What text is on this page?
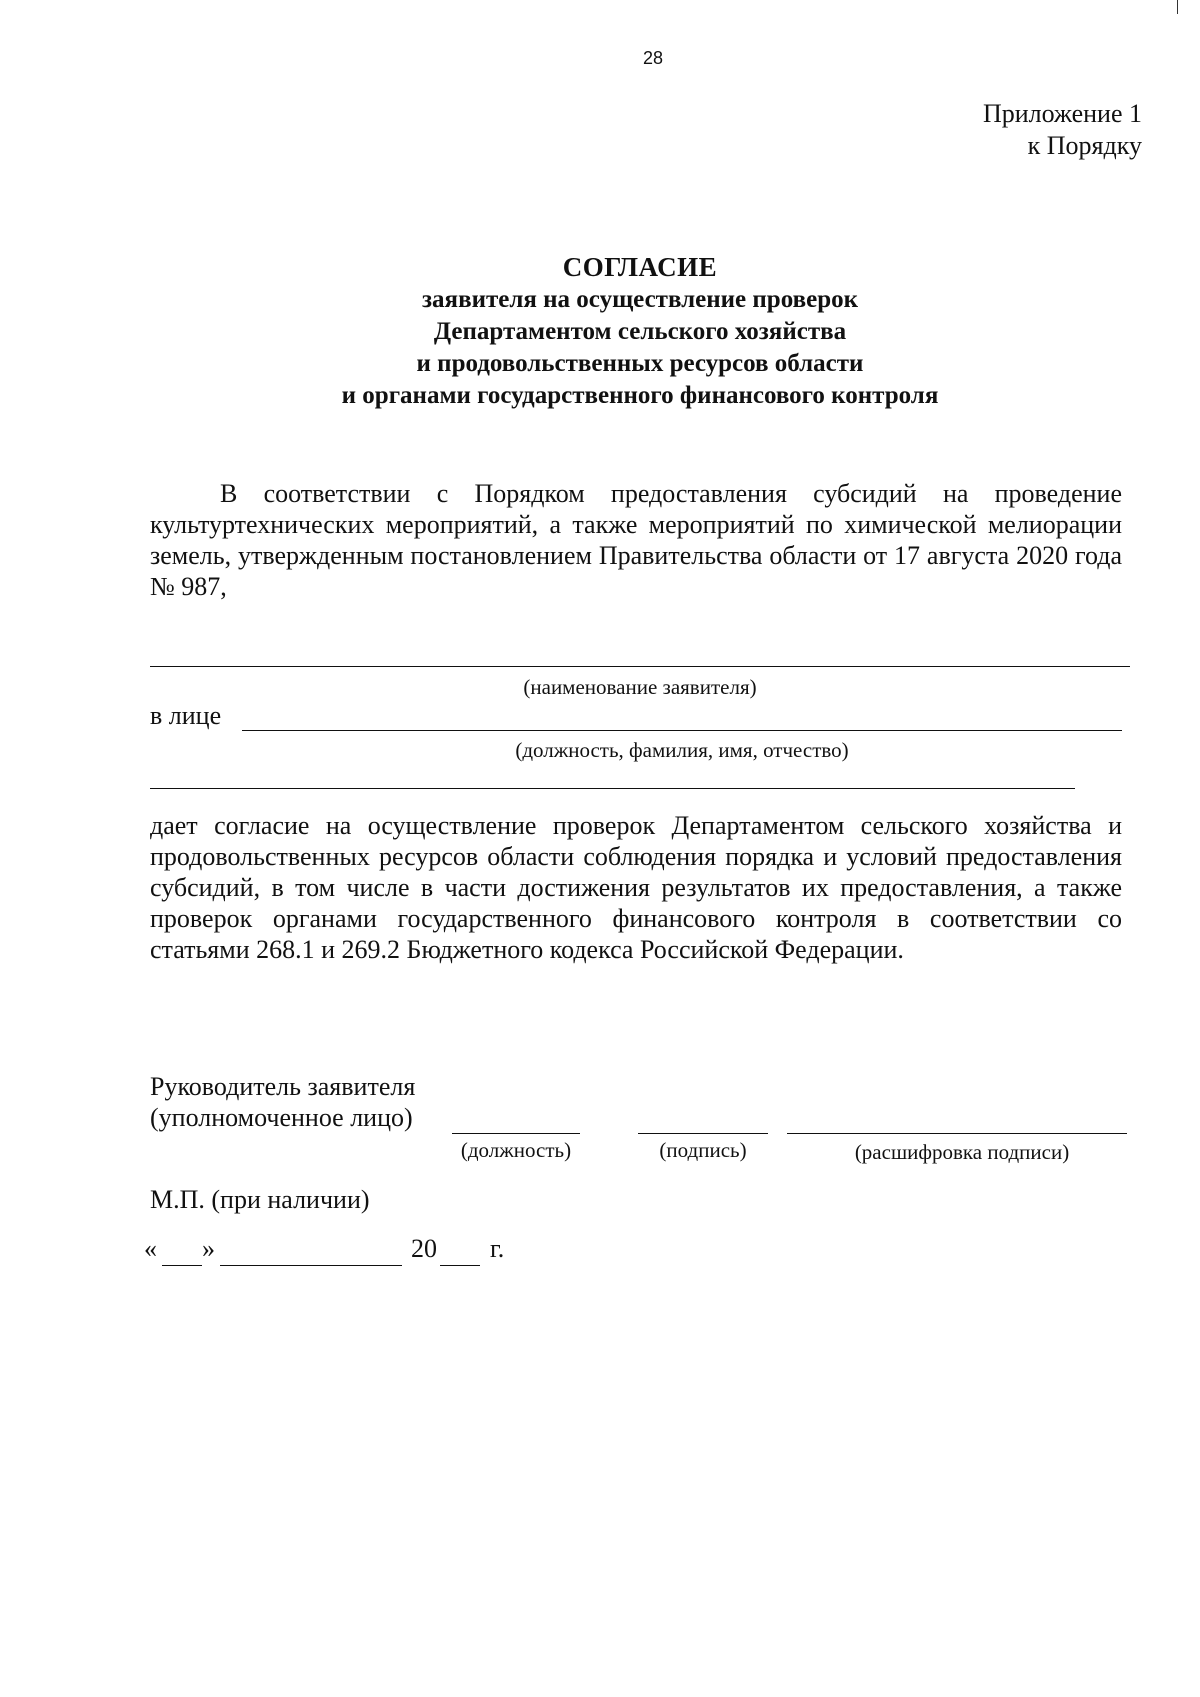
28
Приложение 1
к Порядку
СОГЛАСИЕ
заявителя на осуществление проверок
Департаментом сельского хозяйства
и продовольственных ресурсов области
и органами государственного финансового контроля
В соответствии с Порядком предоставления субсидий на проведение культуртехнических мероприятий, а также мероприятий по химической мелиорации земель, утвержденным постановлением Правительства области от 17 августа 2020 года № 987,
(наименование заявителя)
в лице
(должность, фамилия, имя, отчество)
дает согласие на осуществление проверок Департаментом сельского хозяйства и продовольственных ресурсов области соблюдения порядка и условий предоставления субсидий, в том числе в части достижения результатов их предоставления, а также проверок органами государственного финансового контроля в соответствии со статьями 268.1 и 269.2 Бюджетного кодекса Российской Федерации.
Руководитель заявителя
(уполномоченное лицо)
(должность)	(подпись)	(расшифровка подписи)
М.П. (при наличии)
« »	20 г.
